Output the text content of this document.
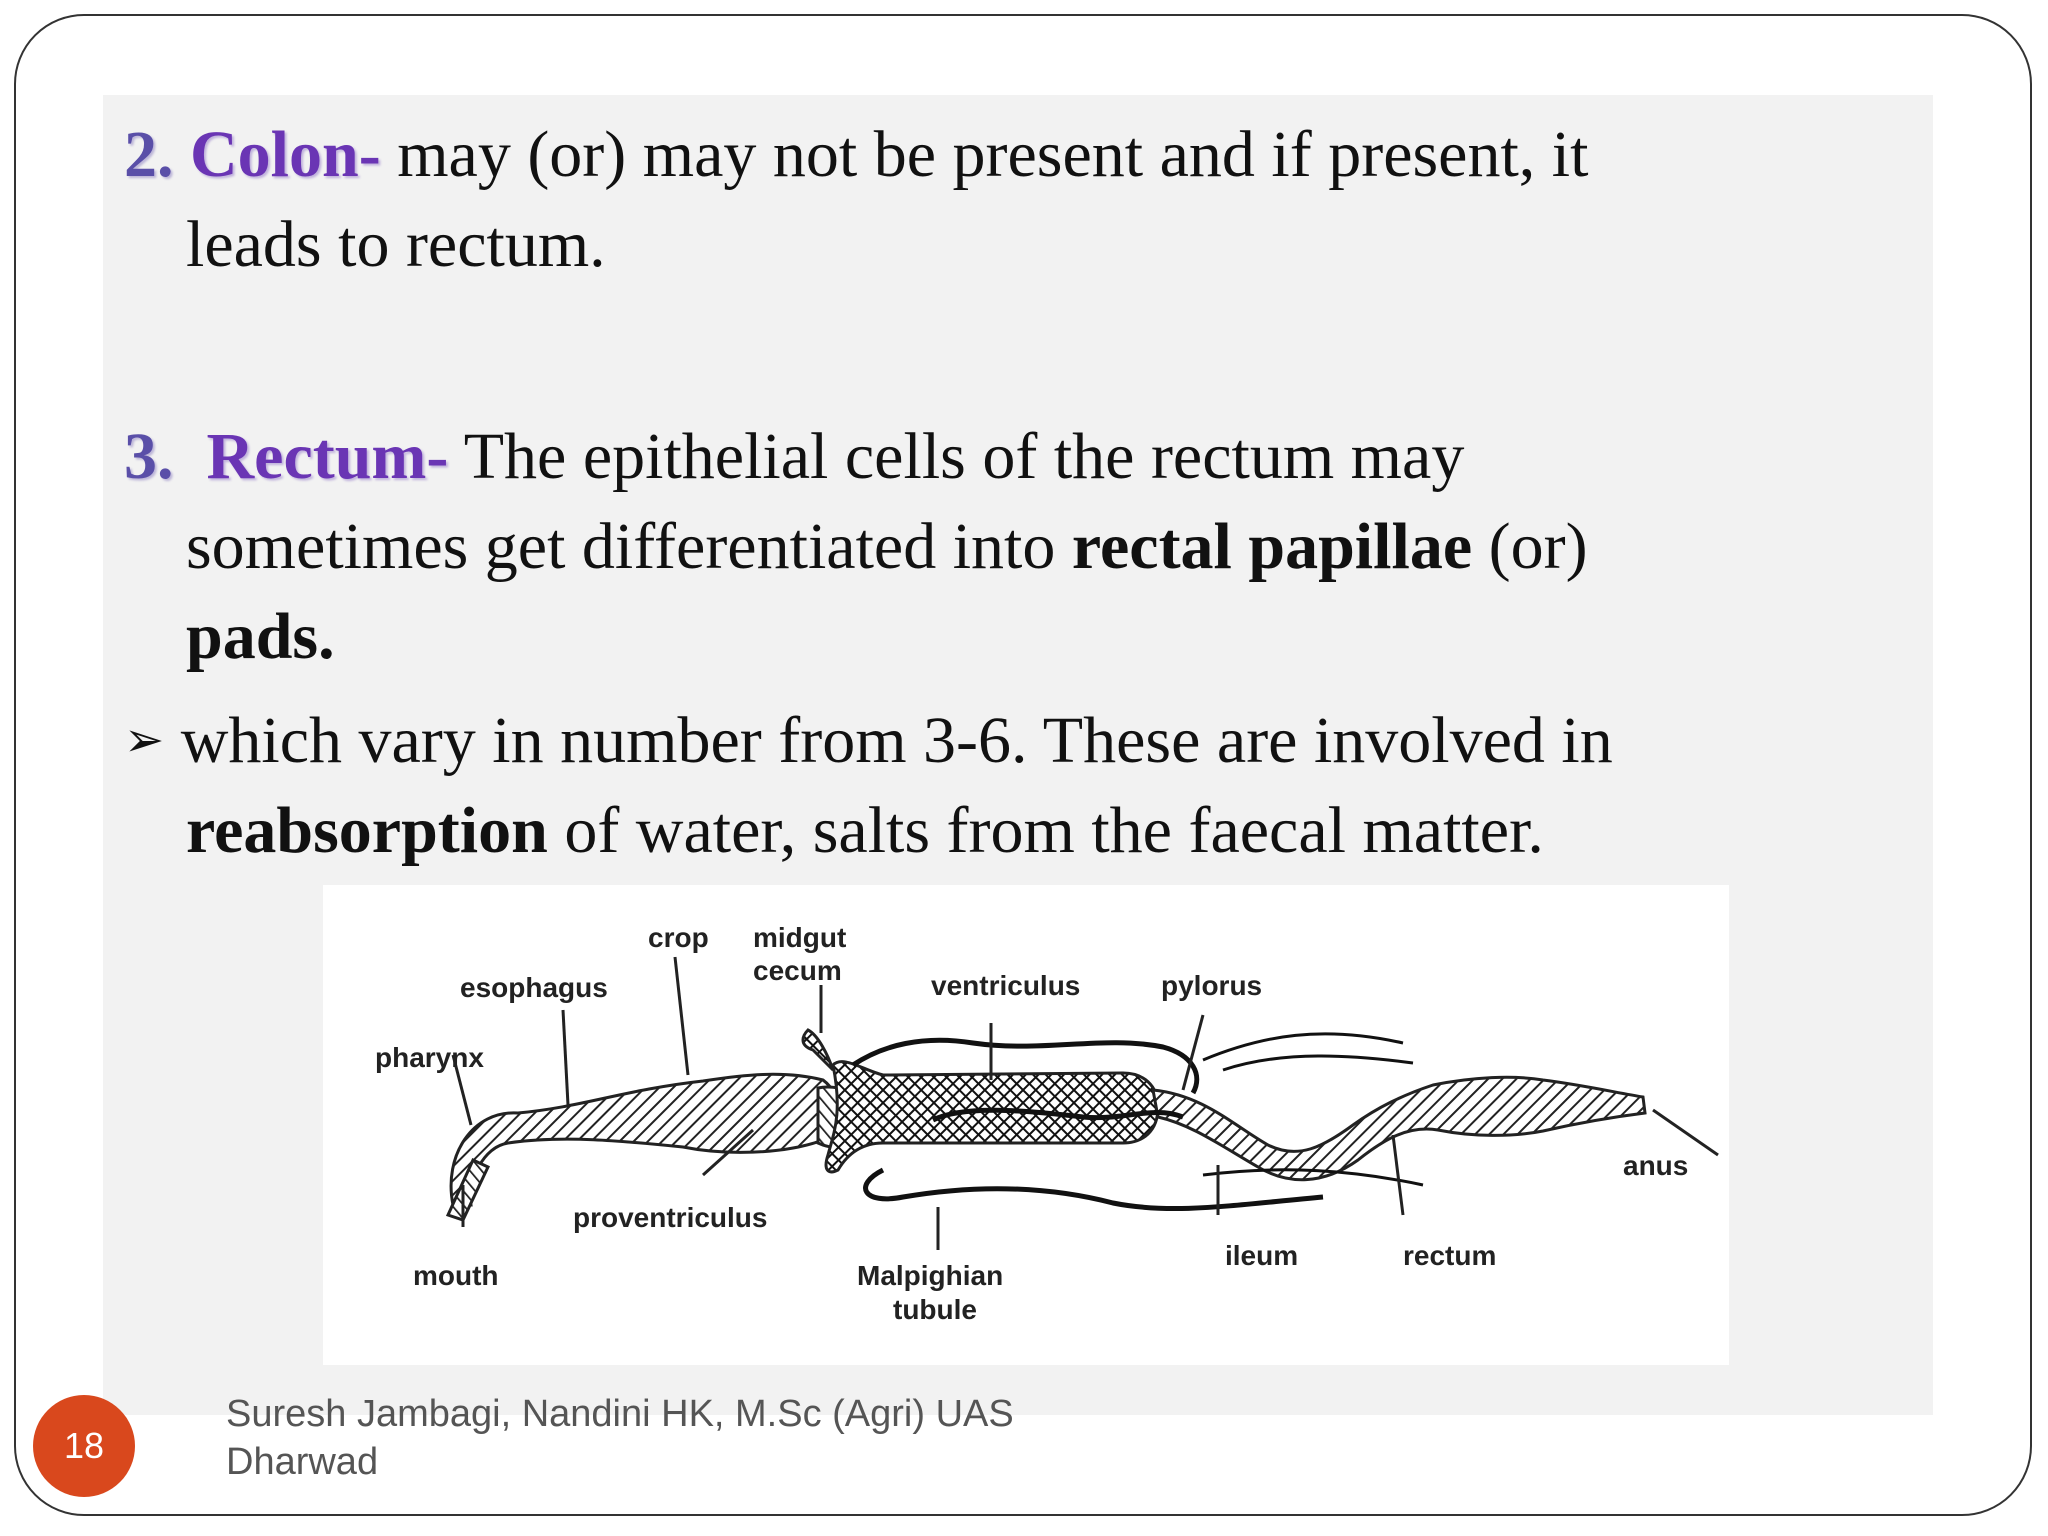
2. Colon- may (or) may not be present and if present, it
leads to rectum.
3. Rectum- The epithelial cells of the rectum may
sometimes get differentiated into rectal papillae (or)
pads.
➢ which vary in number from 3-6. These are involved in
reabsorption of water, salts from the faecal matter.
crop midgut
cecum
esophagus	ventriculus	pylorus
pharynx
anus
proventriculus
mouth	Malpighian
tubule
ileum	rectum
18
Suresh Jambagi, Nandini HK, M.Sc (Agri) UAS
Dharwad
